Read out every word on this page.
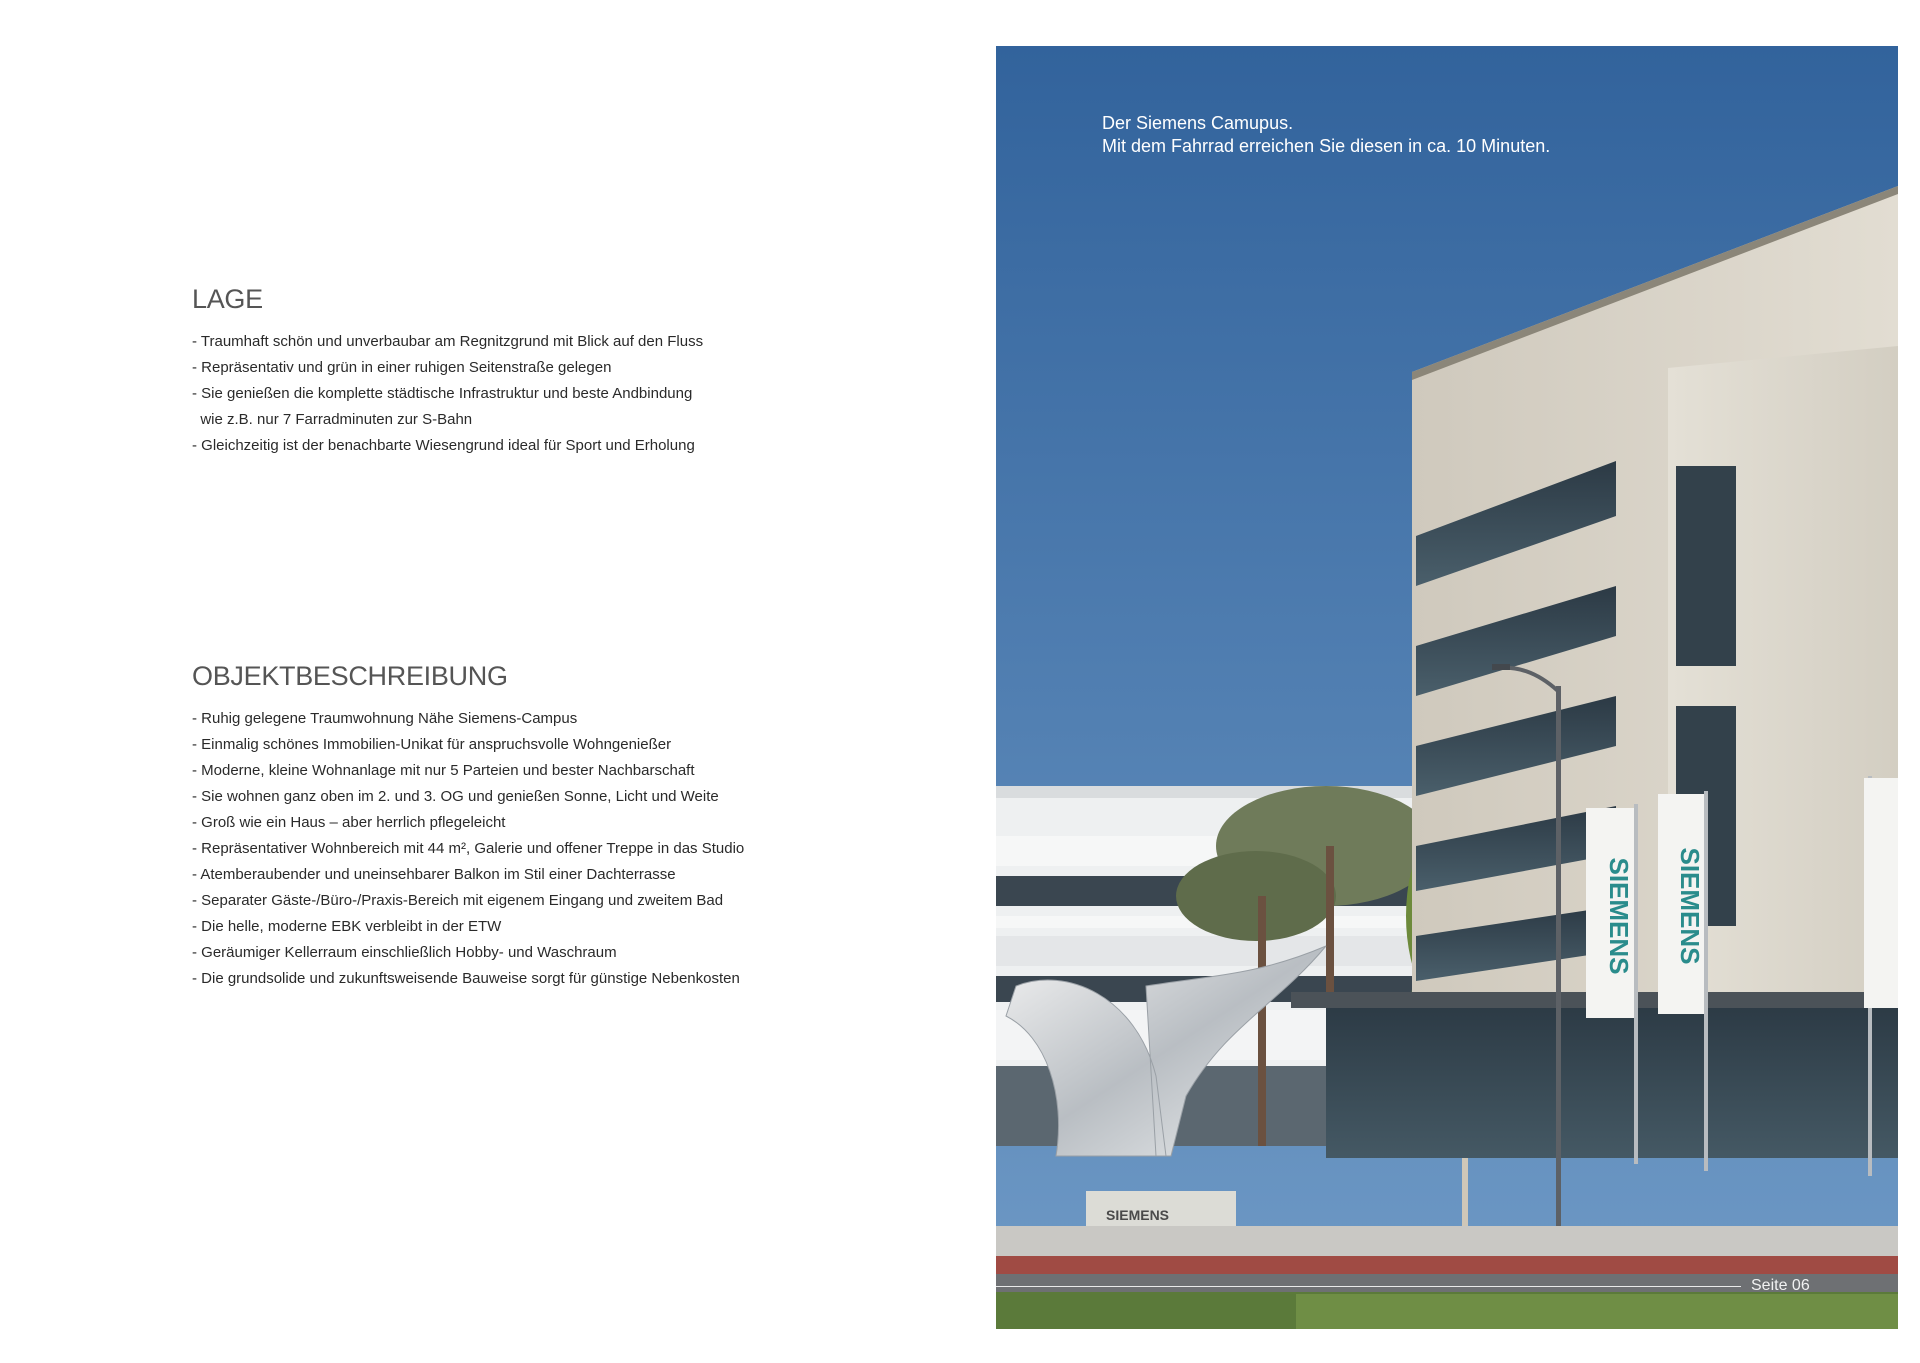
LAGE
- Traumhaft schön und unverbaubar am Regnitzgrund mit Blick auf den Fluss
- Repräsentativ und grün in einer ruhigen Seitenstraße gelegen
- Sie genießen die komplette städtische Infrastruktur und beste Andbindung
wie z.B. nur 7 Farradminuten zur S-Bahn
- Gleichzeitig ist der benachbarte Wiesengrund ideal für Sport und Erholung
OBJEKTBESCHREIBUNG
- Ruhig gelegene Traumwohnung Nähe Siemens-Campus
- Einmalig schönes Immobilien-Unikat für anspruchsvolle Wohngenießer
- Moderne, kleine Wohnanlage mit nur 5 Parteien und bester Nachbarschaft
- Sie wohnen ganz oben im 2. und 3. OG und genießen Sonne, Licht und Weite
- Groß wie ein Haus – aber herrlich pflegeleicht
- Repräsentativer Wohnbereich mit 44 m², Galerie und offener Treppe in das Studio
- Atemberaubender und uneinsehbarer Balkon im Stil einer Dachterrasse
- Separater Gäste-/Büro-/Praxis-Bereich mit eigenem Eingang und zweitem Bad
- Die helle, moderne EBK verbleibt in der ETW
- Geräumiger Kellerraum einschließlich Hobby- und Waschraum
- Die grundsolide und zukunftsweisende Bauweise sorgt für günstige Nebenkosten
SIEMENS SIEMENS
SIEMENS
Der Siemens Camupus.
Mit dem Fahrrad erreichen Sie diesen in ca. 10 Minuten.
Seite 06
